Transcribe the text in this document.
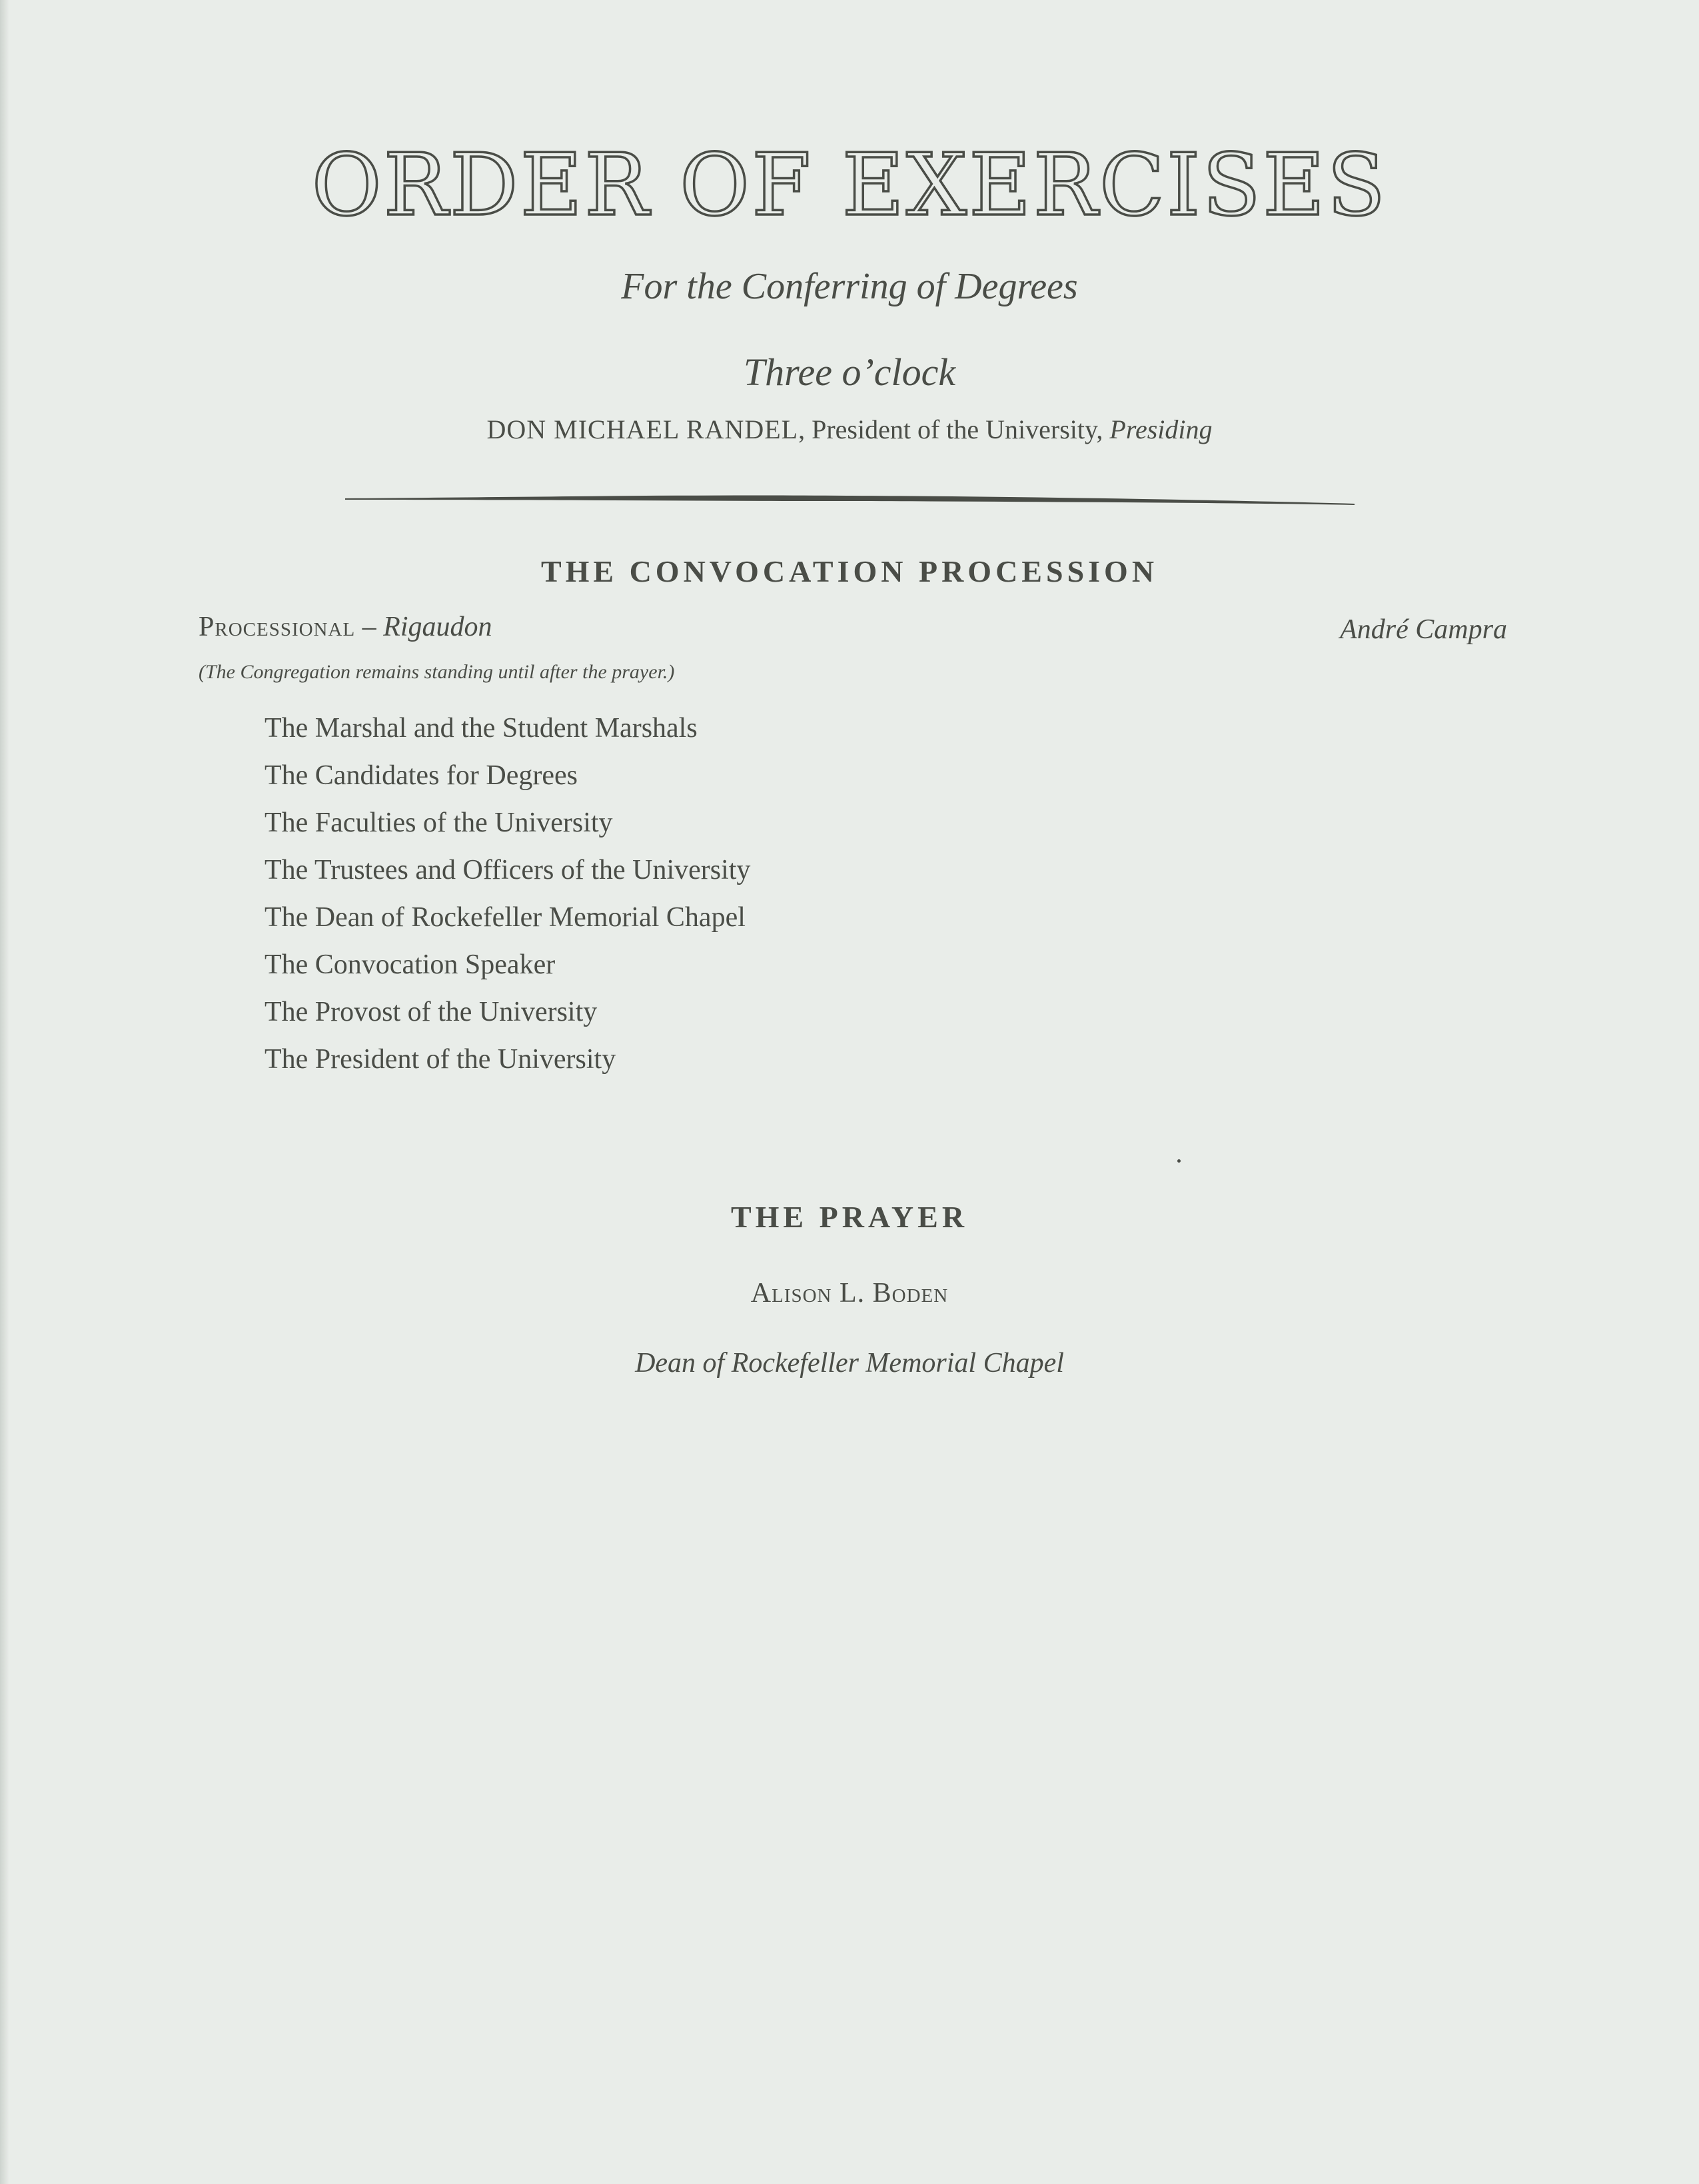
ORDER OF EXERCISES
For the Conferring of Degrees
Three o’clock
DON MICHAEL RANDEL, President of the University, Presiding
THE CONVOCATION PROCESSION
Processional – Rigaudon	André Campra
(The Congregation remains standing until after the prayer.)
The Marshal and the Student Marshals
The Candidates for Degrees
The Faculties of the University
The Trustees and Officers of the University
The Dean of Rockefeller Memorial Chapel
The Convocation Speaker
The Provost of the University
The President of the University
THE PRAYER
Alison L. Boden
Dean of Rockefeller Memorial Chapel
